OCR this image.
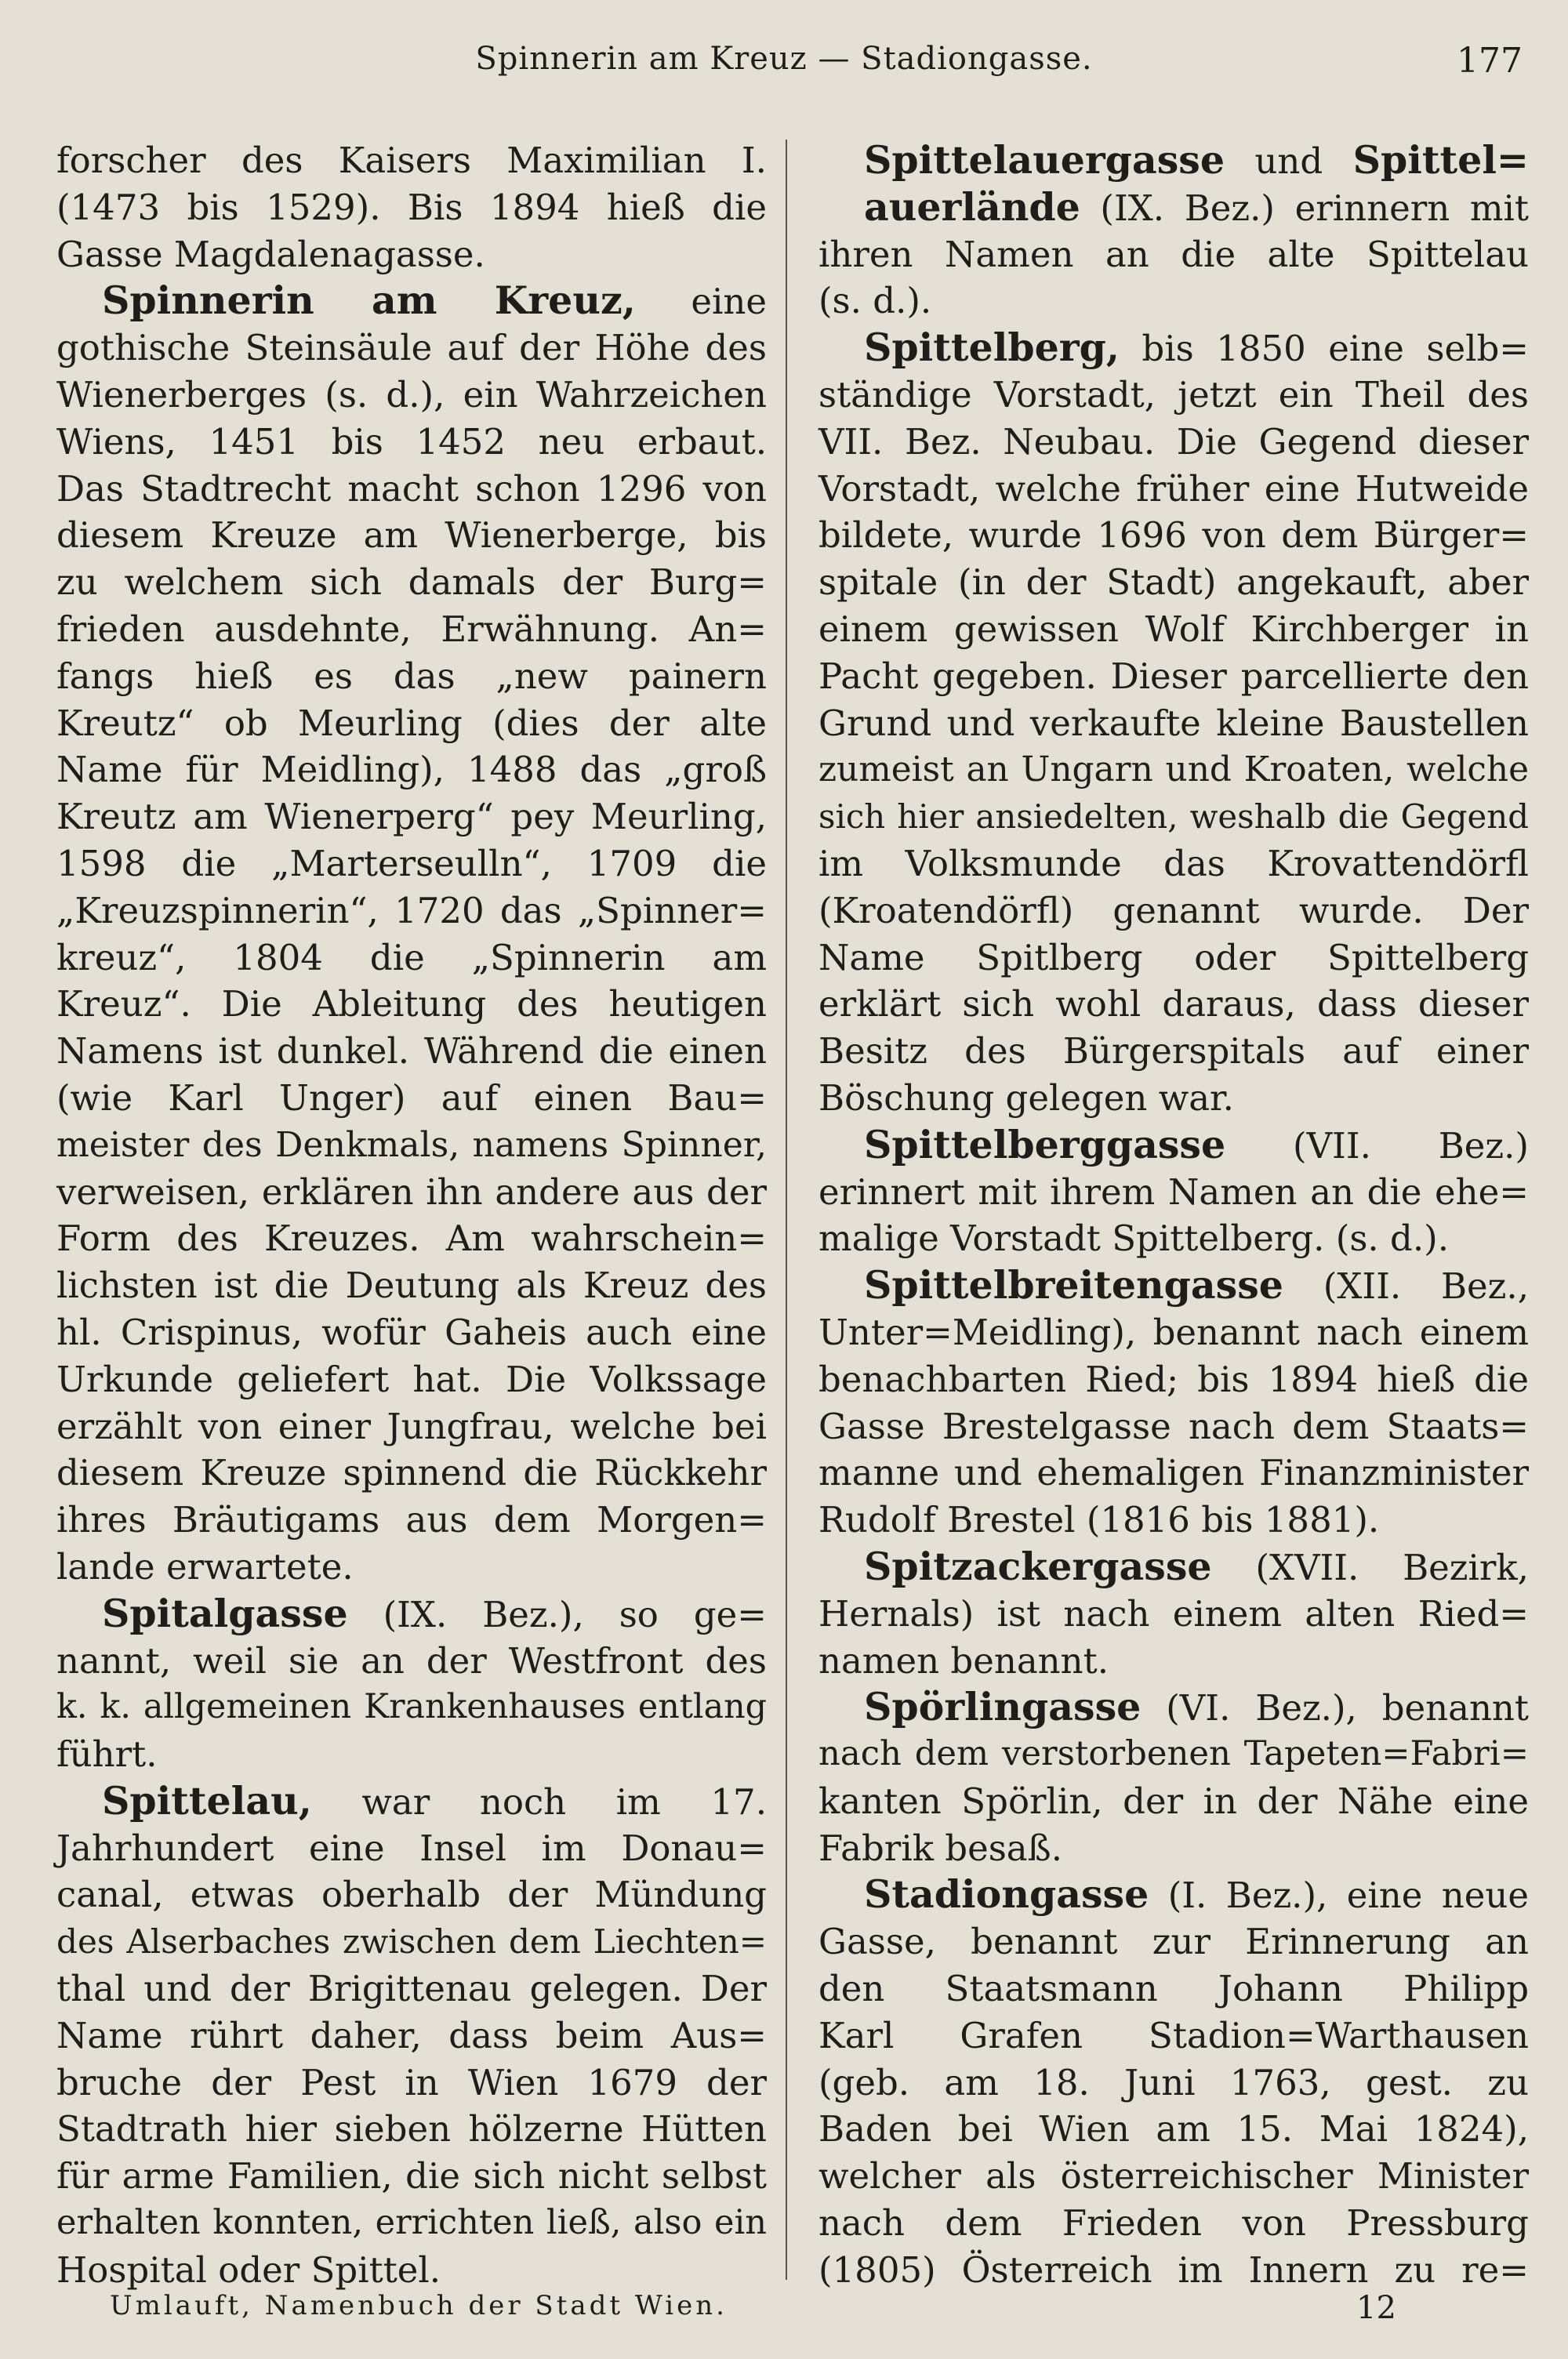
Spinnerin am Kreuz — Stadiongasse.	177
forscher des Kaisers Maximilian I.
(1473 bis 1529). Bis 1894 hieß die
Gasse Magdalenagasse.
Spinnerin am Kreuz, eine
gothische Steinsäule auf der Höhe des
Wienerberges (s. d.), ein Wahrzeichen
Wiens, 1451 bis 1452 neu erbaut.
Das Stadtrecht macht schon 1296 von
diesem Kreuze am Wienerberge, bis
zu welchem sich damals der Burg=
frieden ausdehnte, Erwähnung. An=
fangs hieß es das „new painern
Kreutz“ ob Meurling (dies der alte
Name für Meidling), 1488 das „groß
Kreutz am Wienerperg“ pey Meurling,
1598 die „Marterseulln“, 1709 die
„Kreuzspinnerin“, 1720 das „Spinner=
kreuz“, 1804 die „Spinnerin am
Kreuz“. Die Ableitung des heutigen
Namens ist dunkel. Während die einen
(wie Karl Unger) auf einen Bau=
meister des Denkmals, namens Spinner,
verweisen, erklären ihn andere aus der
Form des Kreuzes. Am wahrschein=
lichsten ist die Deutung als Kreuz des
hl. Crispinus, wofür Gaheis auch eine
Urkunde geliefert hat. Die Volkssage
erzählt von einer Jungfrau, welche bei
diesem Kreuze spinnend die Rückkehr
ihres Bräutigams aus dem Morgen=
lande erwartete.
Spitalgasse (IX. Bez.), so ge=
nannt, weil sie an der Westfront des
k. k. allgemeinen Krankenhauses entlang
führt.
Spittelau, war noch im 17.
Jahrhundert eine Insel im Donau=
canal, etwas oberhalb der Mündung
des Alserbaches zwischen dem Liechten=
thal und der Brigittenau gelegen. Der
Name rührt daher, dass beim Aus=
bruche der Pest in Wien 1679 der
Stadtrath hier sieben hölzerne Hütten
für arme Familien, die sich nicht selbst
erhalten konnten, errichten ließ, also ein
Hospital oder Spittel.
Spittelauergasse und Spittel=
auerlände (IX. Bez.) erinnern mit
ihren Namen an die alte Spittelau
(s. d.).
Spittelberg, bis 1850 eine selb=
ständige Vorstadt, jetzt ein Theil des
VII. Bez. Neubau. Die Gegend dieser
Vorstadt, welche früher eine Hutweide
bildete, wurde 1696 von dem Bürger=
spitale (in der Stadt) angekauft, aber
einem gewissen Wolf Kirchberger in
Pacht gegeben. Dieser parcellierte den
Grund und verkaufte kleine Baustellen
zumeist an Ungarn und Kroaten, welche
sich hier ansiedelten, weshalb die Gegend
im Volksmunde das Krovattendörfl
(Kroatendörfl) genannt wurde. Der
Name Spitlberg oder Spittelberg
erklärt sich wohl daraus, dass dieser
Besitz des Bürgerspitals auf einer
Böschung gelegen war.
Spittelberggasse (VII. Bez.)
erinnert mit ihrem Namen an die ehe=
malige Vorstadt Spittelberg. (s. d.).
Spittelbreitengasse (XII. Bez.,
Unter=Meidling), benannt nach einem
benachbarten Ried; bis 1894 hieß die
Gasse Brestelgasse nach dem Staats=
manne und ehemaligen Finanzminister
Rudolf Brestel (1816 bis 1881).
Spitzackergasse (XVII. Bezirk,
Hernals) ist nach einem alten Ried=
namen benannt.
Spörlingasse (VI. Bez.), benannt
nach dem verstorbenen Tapeten=Fabri=
kanten Spörlin, der in der Nähe eine
Fabrik besaß.
Stadiongasse (I. Bez.), eine neue
Gasse, benannt zur Erinnerung an
den Staatsmann Johann Philipp
Karl Grafen Stadion=Warthausen
(geb. am 18. Juni 1763, gest. zu
Baden bei Wien am 15. Mai 1824),
welcher als österreichischer Minister
nach dem Frieden von Pressburg
(1805) Österreich im Innern zu re=
Umlauft, Namenbuch der Stadt Wien.	12
